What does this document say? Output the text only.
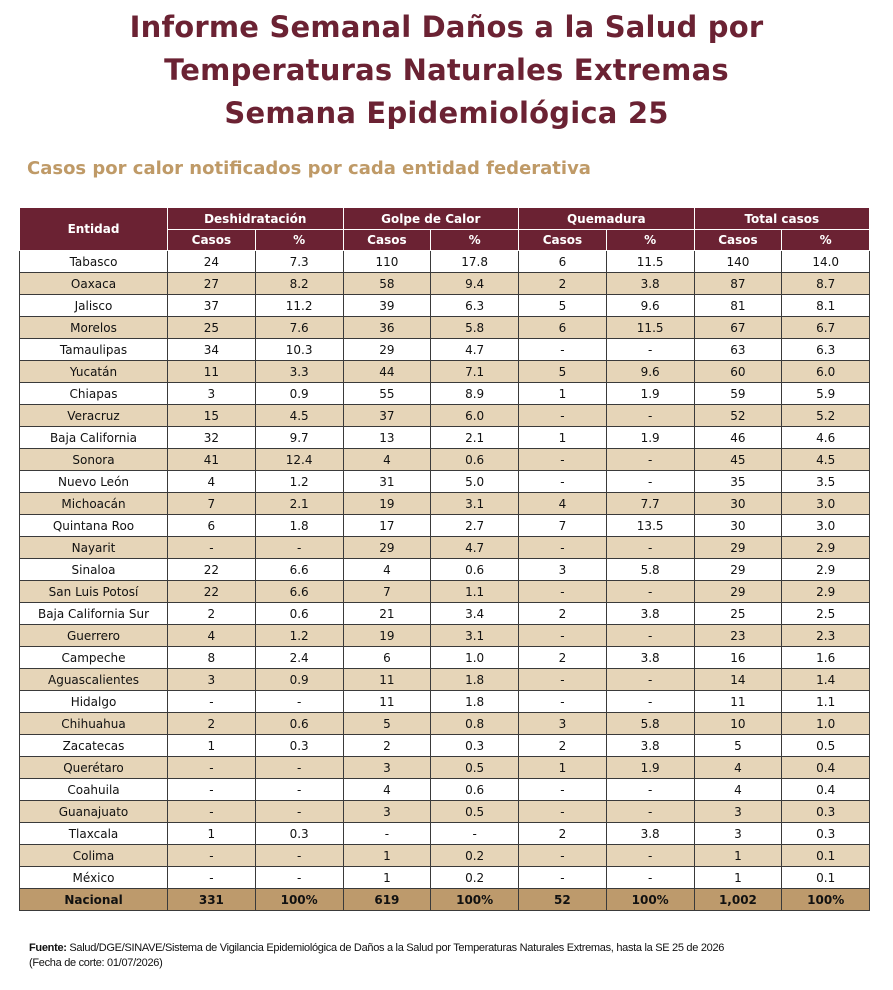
Informe Semanal Daños a la Salud por
Temperaturas Naturales Extremas
Semana Epidemiológica 25
Casos por calor notificados por cada entidad federativa
Entidad	Deshidratación		Golpe de Calor		Quemadura		Total casos	
	Casos	%	Casos	%	Casos	%	Casos	%
Tabasco	24	7.3	110	17.8	6	11.5	140	14.0
Oaxaca	27	8.2	58	9.4	2	3.8	87	8.7
Jalisco	37	11.2	39	6.3	5	9.6	81	8.1
Morelos	25	7.6	36	5.8	6	11.5	67	6.7
Tamaulipas	34	10.3	29	4.7	-	-	63	6.3
Yucatán	11	3.3	44	7.1	5	9.6	60	6.0
Chiapas	3	0.9	55	8.9	1	1.9	59	5.9
Veracruz	15	4.5	37	6.0	-	-	52	5.2
Baja California	32	9.7	13	2.1	1	1.9	46	4.6
Sonora	41	12.4	4	0.6	-	-	45	4.5
Nuevo León	4	1.2	31	5.0	-	-	35	3.5
Michoacán	7	2.1	19	3.1	4	7.7	30	3.0
Quintana Roo	6	1.8	17	2.7	7	13.5	30	3.0
Nayarit	-	-	29	4.7	-	-	29	2.9
Sinaloa	22	6.6	4	0.6	3	5.8	29	2.9
San Luis Potosí	22	6.6	7	1.1	-	-	29	2.9
Baja California Sur	2	0.6	21	3.4	2	3.8	25	2.5
Guerrero	4	1.2	19	3.1	-	-	23	2.3
Campeche	8	2.4	6	1.0	2	3.8	16	1.6
Aguascalientes	3	0.9	11	1.8	-	-	14	1.4
Hidalgo	-	-	11	1.8	-	-	11	1.1
Chihuahua	2	0.6	5	0.8	3	5.8	10	1.0
Zacatecas	1	0.3	2	0.3	2	3.8	5	0.5
Querétaro	-	-	3	0.5	1	1.9	4	0.4
Coahuila	-	-	4	0.6	-	-	4	0.4
Guanajuato	-	-	3	0.5	-	-	3	0.3
Tlaxcala	1	0.3	-	-	2	3.8	3	0.3
Colima	-	-	1	0.2	-	-	1	0.1
México	-	-	1	0.2	-	-	1	0.1
Nacional	331	100%	619	100%	52	100%	1,002	100%
Fuente: Salud/DGE/SINAVE/Sistema de Vigilancia Epidemiológica de Daños a la Salud por Temperaturas Naturales Extremas, hasta la SE 25 de 2026
(Fecha de corte: 01/07/2026)
